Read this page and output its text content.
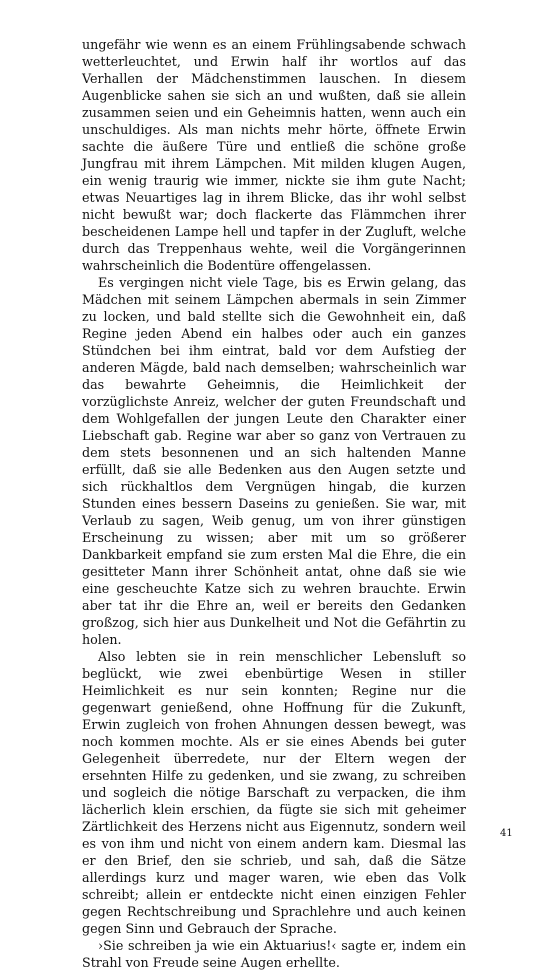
ungefähr wie wenn es an einem Frühlingsabende schwach wetterleuchtet, und Erwin half ihr wortlos auf das Verhallen der Mädchenstimmen lauschen. In diesem Augenblicke sahen sie sich an und wußten, daß sie allein zusammen seien und ein Geheimnis hatten, wenn auch ein unschuldiges. Als man nichts mehr hörte, öffnete Erwin sachte die äußere Türe und entließ die schöne große Jungfrau mit ihrem Lämpchen. Mit milden klugen Augen, ein wenig traurig wie immer, nickte sie ihm gute Nacht; etwas Neuartiges lag in ihrem Blicke, das ihr wohl selbst nicht bewußt war; doch flackerte das Flämmchen ihrer bescheidenen Lampe hell und tapfer in der Zugluft, welche durch das Treppenhaus wehte, weil die Vorgängerinnen wahrscheinlich die Bodentüre offengelassen.

Es vergingen nicht viele Tage, bis es Erwin gelang, das Mädchen mit seinem Lämpchen abermals in sein Zimmer zu locken, und bald stellte sich die Gewohnheit ein, daß Regine jeden Abend ein halbes oder auch ein ganzes Stündchen bei ihm eintrat, bald vor dem Aufstieg der anderen Mägde, bald nach demselben; wahrscheinlich war das bewahrte Geheimnis, die Heimlichkeit der vorzüglichste Anreiz, welcher der guten Freundschaft und dem Wohlgefallen der jungen Leute den Charakter einer Liebschaft gab. Regine war aber so ganz von Vertrauen zu dem stets besonnenen und an sich haltenden Manne erfüllt, daß sie alle Bedenken aus den Augen setzte und sich rückhaltlos dem Vergnügen hingab, die kurzen Stunden eines bessern Daseins zu genießen. Sie war, mit Verlaub zu sagen, Weib genug, um von ihrer günstigen Erscheinung zu wissen; aber mit um so größerer Dankbarkeit empfand sie zum ersten Mal die Ehre, die ein gesitteter Mann ihrer Schönheit antat, ohne daß sie wie eine gescheuchte Katze sich zu wehren brauchte. Erwin aber tat ihr die Ehre an, weil er bereits den Gedanken großzog, sich hier aus Dunkelheit und Not die Gefährtin zu holen.

Also lebten sie in rein menschlicher Lebensluft so beglückt, wie zwei ebenbürtige Wesen in stiller Heimlichkeit es nur sein konnten; Regine nur die gegenwart genießend, ohne Hoffnung für die Zukunft, Erwin zugleich von frohen Ahnungen dessen bewegt, was noch kommen mochte. Als er sie eines Abends bei guter Gelegenheit überredete, nur der Eltern wegen der ersehnten Hilfe zu gedenken, und sie zwang, zu schreiben und sogleich die nötige Barschaft zu verpacken, die ihm lächerlich klein erschien, da fügte sie sich mit geheimer Zärtlichkeit des Herzens nicht aus Eigennutz, sondern weil es von ihm und nicht von einem andern kam. Diesmal las er den Brief, den sie schrieb, und sah, daß die Sätze allerdings kurz und mager waren, wie eben das Volk schreibt; allein er entdeckte nicht einen einzigen Fehler gegen Rechtschreibung und Sprachlehre und auch keinen gegen Sinn und Gebrauch der Sprache.

›Sie schreiben ja wie ein Aktuarius!‹ sagte er, indem ein Strahl von Freude seine Augen erhellte.

41
